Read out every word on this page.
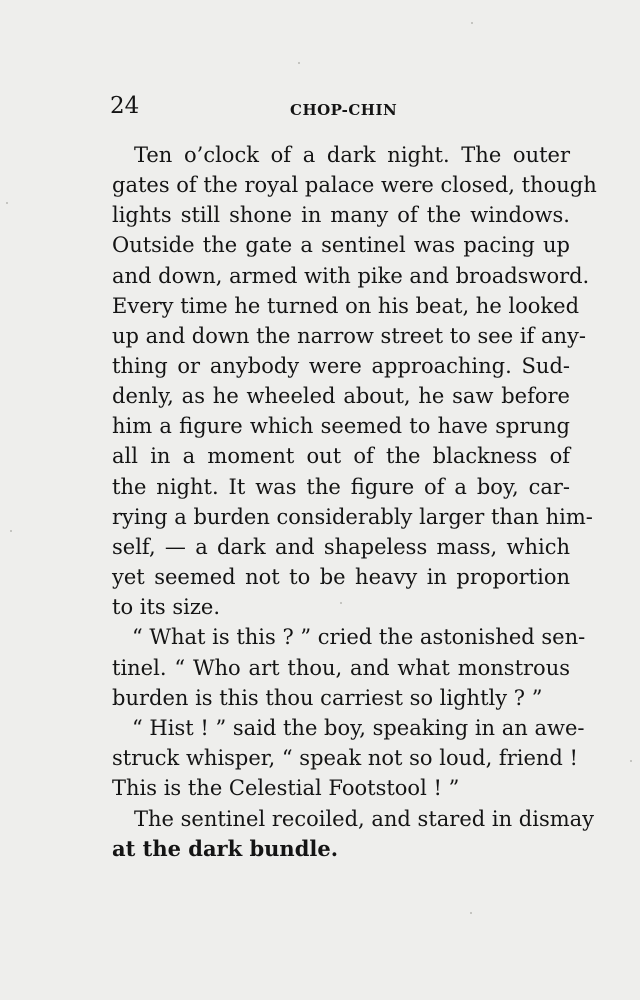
24	CHOP-CHIN
Ten o’clock of a dark night. The outer
gates of the royal palace were closed, though
lights still shone in many of the windows.
Outside the gate a sentinel was pacing up
and down, armed with pike and broadsword.
Every time he turned on his beat, he looked
up and down the narrow street to see if any-
thing or anybody were approaching. Sud-
denly, as he wheeled about, he saw before
him a figure which seemed to have sprung
all in a moment out of the blackness of
the night. It was the figure of a boy, car-
rying a burden considerably larger than him-
self, — a dark and shapeless mass, which
yet seemed not to be heavy in proportion
to its size.
“ What is this ? ” cried the astonished sen-
tinel. “ Who art thou, and what monstrous
burden is this thou carriest so lightly ? ”
“ Hist ! ” said the boy, speaking in an awe-
struck whisper, “ speak not so loud, friend !
This is the Celestial Footstool ! ”
The sentinel recoiled, and stared in dismay
at the dark bundle.
